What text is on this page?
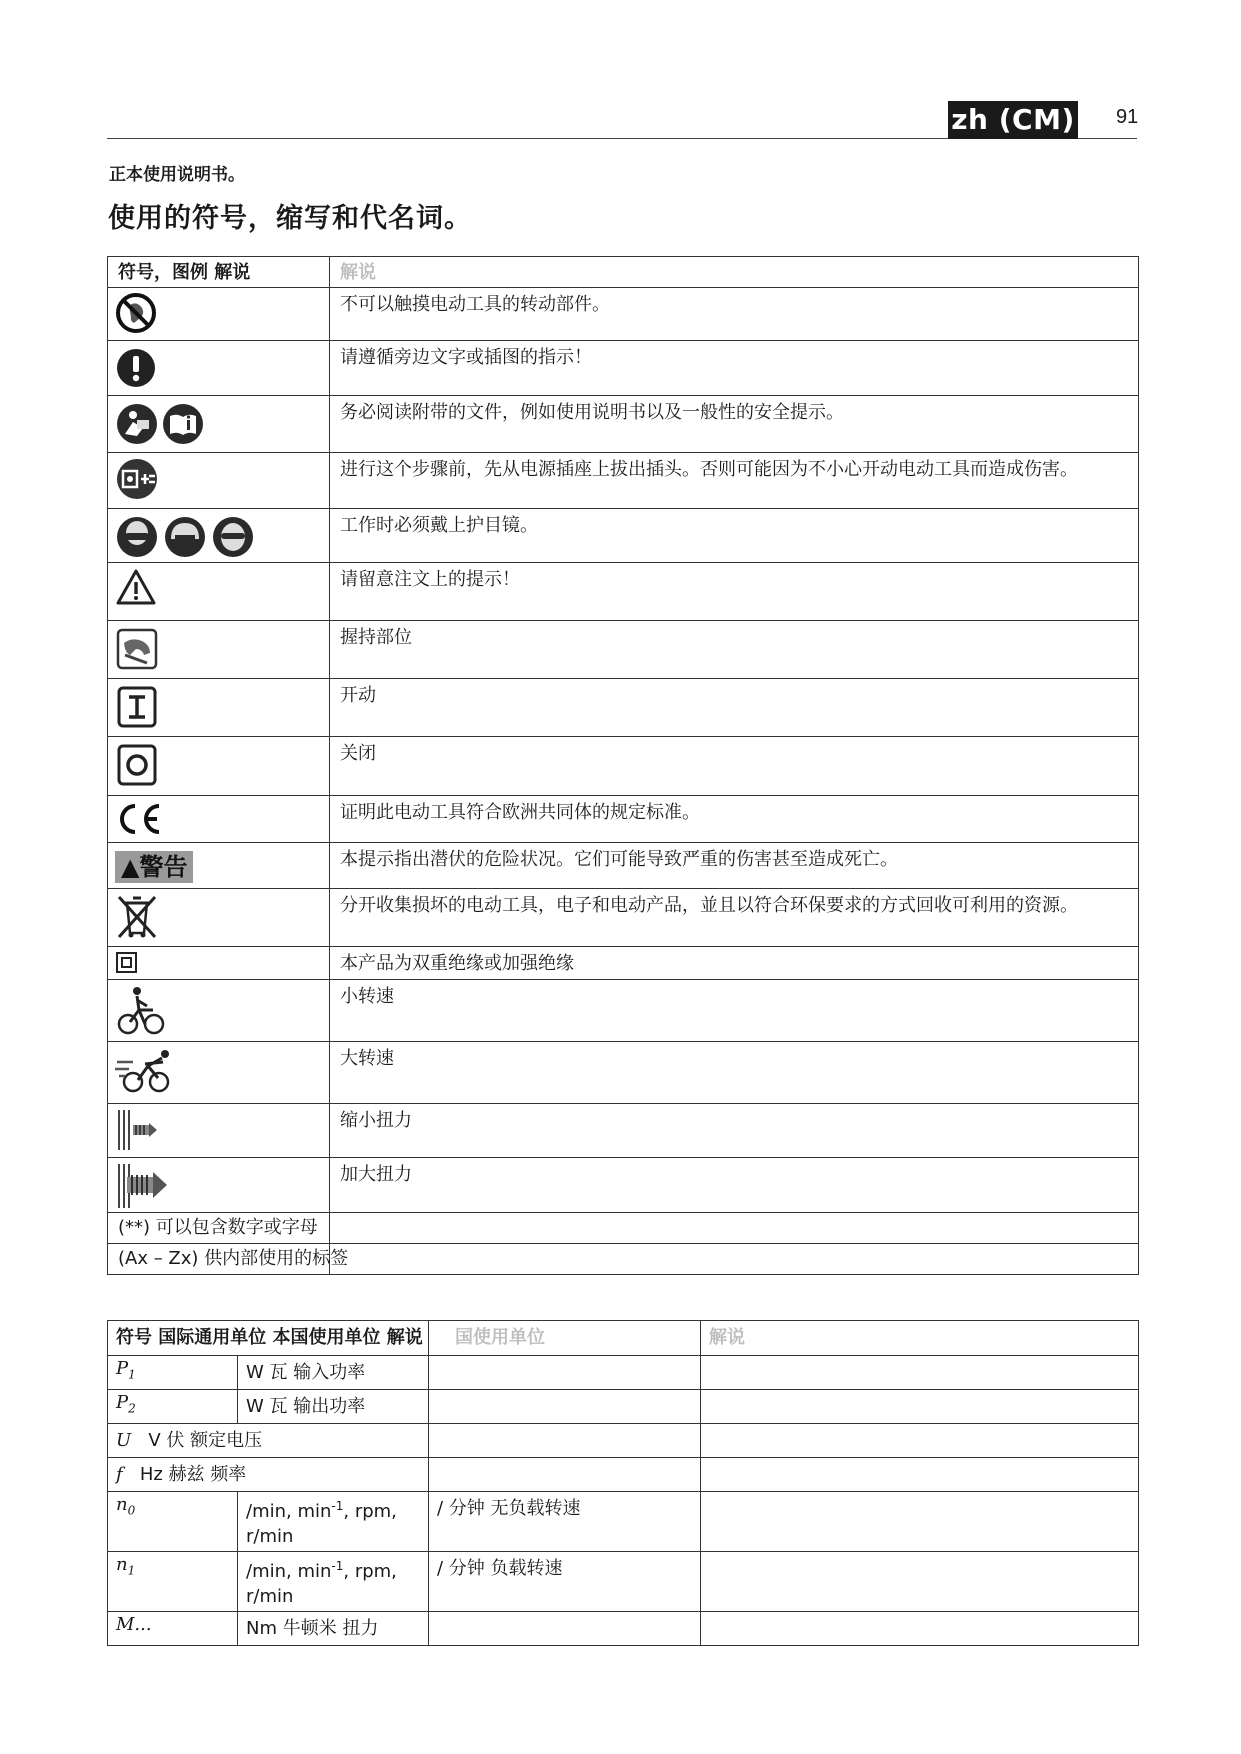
zh (CM) 91
正本使用说明书。
使用的符号，缩写和代名词。
符号，图例 解说	解说
	不可以触摸电动工具的转动部件。
	请遵循旁边文字或插图的指示！
	务必阅读附带的文件，例如使用说明书以及一般性的安全提示。
	进行这个步骤前，先从电源插座上拔出插头。否则可能因为不小心开动电动工具而造成伤害。
	工作时必须戴上护目镜。
	请留意注文上的提示！
	握持部位
	开动
	关闭
	证明此电动工具符合欧洲共同体的规定标准。
▲警告	本提示指出潜伏的危险状况。它们可能导致严重的伤害甚至造成死亡。
	分开收集损坏的电动工具，电子和电动产品，並且以符合环保要求的方式回收可利用的资源。
	本产品为双重绝缘或加强绝缘
	小转速
	大转速
	缩小扭力
	加大扭力
(**) 可以包含数字或字母	
(Ax – Zx) 供内部使用的标签	
符号 国际通用单位 本国使用单位 解说		国使用单位	解说
$P_1$	W 瓦 输入功率		
$P_2$	W 瓦 输出功率		
U V 伏 额定电压			
f Hz 赫兹 频率			
$n_0$	/min, $\min^{-1}$, rpm, r/min	/ 分钟 无负载转速	
$n_1$	/min, $\min^{-1}$, rpm, r/min	/ 分钟 负载转速	
M...	Nm 牛顿米 扭力		
